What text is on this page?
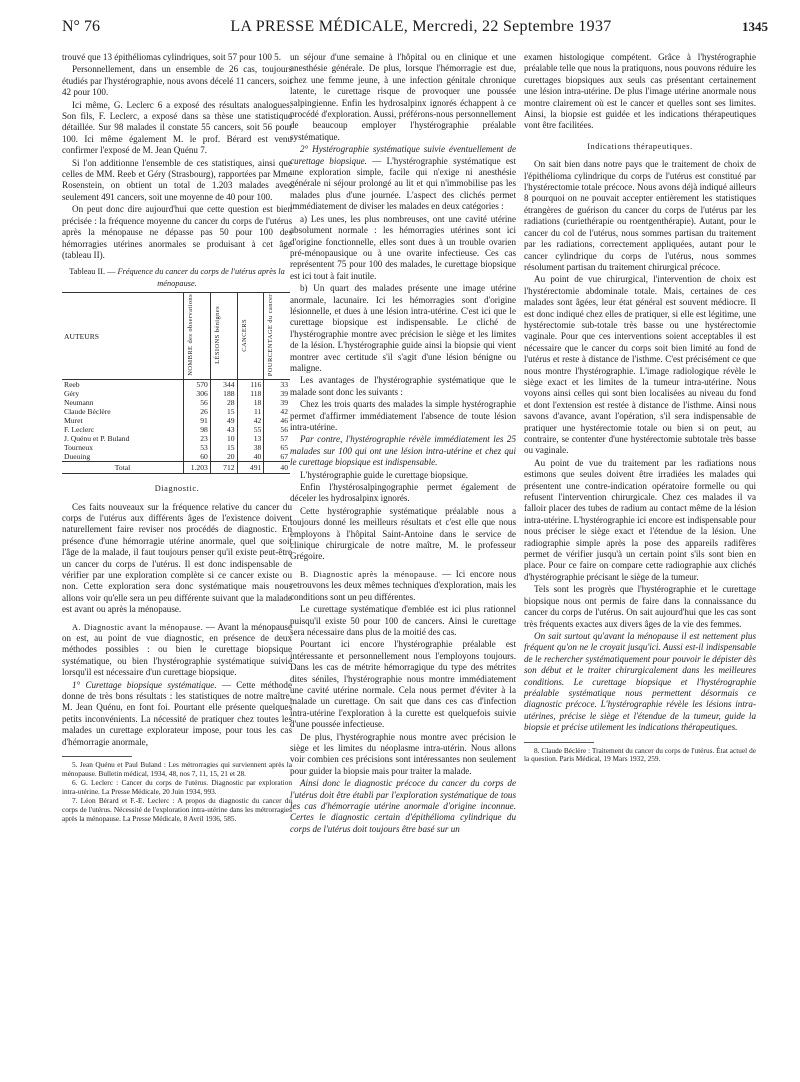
N° 76	LA PRESSE MÉDICALE, Mercredi, 22 Septembre 1937	1345

trouvé que 13 épithéliomas cylindriques, soit 57 pour 100 5.

Personnellement, dans un ensemble de 26 cas, toujours étudiés par l'hystérographie, nous avons décelé 11 cancers, soit 42 pour 100.

Ici même, G. Leclerc 6 a exposé des résultats analogues. Son fils, F. Leclerc, a exposé dans sa thèse une statistique détaillée. Sur 98 malades il constate 55 cancers, soit 56 pour 100. Ici même également M. le prof. Bérard est venu confirmer l'exposé de M. Jean Quénu 7.

Si l'on additionne l'ensemble de ces statistiques, ainsi que celles de MM. Reeb et Géry (Strasbourg), rapportées par Mme Rosenstein, on obtient un total de 1.203 malades avec seulement 491 cancers, soit une moyenne de 40 pour 100.

On peut donc dire aujourd'hui que cette question est bien précisée : la fréquence moyenne du cancer du corps de l'utérus après la ménopause ne dépasse pas 50 pour 100 des hémorragies utérines anormales se produisant à cet âge (tableau II).

Tableau II. — Fréquence du cancer du corps de l'utérus après la ménopause.
AUTEURS	NOMBRE des observations	LÉSIONS bénignes	CANCERS	POURCENTAGE du cancer
Reeb	570	344	116	33
Géry	306	188	118	39
Neumann	56	28	18	39
Claude Béclère	26	15	11	42
Muret	91	49	42	46
F. Leclerc	98	43	55	56
J. Quénu et P. Buland	23	10	13	57
Tourneux	53	15	38	65
Dueuing	60	20	40	67
Total	1.203	712	491	40
Diagnostic.

Ces faits nouveaux sur la fréquence relative du cancer du corps de l'utérus aux différents âges de l'existence doivent naturellement faire reviser nos procédés de diagnostic. En présence d'une hémorragie utérine anormale, quel que soit l'âge de la malade, il faut toujours penser qu'il existe peut-être un cancer du corps de l'utérus. Il est donc indispensable de vérifier par une exploration complète si ce cancer existe ou non. Cette exploration sera donc systématique mais nous allons voir qu'elle sera un peu différente suivant que la malade est avant ou après la ménopause.

A. Diagnostic avant la ménopause. — Avant la ménopause on est, au point de vue diagnostic, en présence de deux méthodes possibles : ou bien le curettage biopsique systématique, ou bien l'hystérographie systématique suivie lorsqu'il est nécessaire d'un curettage biopsique.

1° Curettage biopsique systématique. — Cette méthode donne de très bons résultats : les statistiques de notre maître, M. Jean Quénu, en font foi. Pourtant elle présente quelques petits inconvénients. La nécessité de pratiquer chez toutes les malades un curettage explorateur impose, pour tous les cas d'hémorragie anormale,

5. Jean Quénu et Paul Buland : Les métrorragies qui surviennent après la ménopause. Bulletin médical, 1934, 48, nos 7, 11, 15, 21 et 28.

6. G. Leclerc : Cancer du corps de l'utérus. Diagnostic par exploration intra-utérine. La Presse Médicale, 20 Juin 1934, 993.

7. Léon Bérard et F.-E. Leclerc : A propos du diagnostic du cancer du corps de l'utérus. Nécessité de l'exploration intra-utérine dans les métrorragies après la ménopause. La Presse Médicale, 8 Avril 1936, 585.

un séjour d'une semaine à l'hôpital ou en clinique et une anesthésie générale. De plus, lorsque l'hémorragie est due, chez une femme jeune, à une infection génitale chronique latente, le curettage risque de provoquer une poussée salpingienne. Enfin les hydrosalpinx ignorés échappent à ce procédé d'exploration. Aussi, préférons-nous personnellement de beaucoup employer l'hystérographie préalable systématique.

2° Hystérographie systématique suivie éventuellement de curettage biopsique. — L'hystérographie systématique est une exploration simple, facile qui n'exige ni anesthésie générale ni séjour prolongé au lit et qui n'immobilise pas les malades plus d'une journée. L'aspect des clichés permet immédiatement de diviser les malades en deux catégories :

a) Les unes, les plus nombreuses, ont une cavité utérine absolument normale : les hémorragies utérines sont ici d'origine fonctionnelle, elles sont dues à un trouble ovarien pré-ménopausique ou à une ovarite infectieuse. Ces cas représentent 75 pour 100 des malades, le curettage biopsique est ici tout à fait inutile.

b) Un quart des malades présente une image utérine anormale, lacunaire. Ici les hémorragies sont d'origine lésionnelle, et dues à une lésion intra-utérine. C'est ici que le curettage biopsique est indispensable. Le cliché de l'hystérographie montre avec précision le siège et les limites de la lésion. L'hystérographie guide ainsi la biopsie qui vient montrer avec certitude s'il s'agit d'une lésion bénigne ou maligne.

Les avantages de l'hystérographie systématique que le malade sont donc les suivants :

Chez les trois quarts des malades la simple hystérographie permet d'affirmer immédiatement l'absence de toute lésion intra-utérine.

Par contre, l'hystérographie révèle immédiatement les 25 malades sur 100 qui ont une lésion intra-utérine et chez qui le curettage biopsique est indispensable.

L'hystérographie guide le curettage biopsique.

Enfin l'hystérosalpingographie permet également de déceler les hydrosalpinx ignorés.

Cette hystérographie systématique préalable nous a toujours donné les meilleurs résultats et c'est elle que nous employons à l'hôpital Saint-Antoine dans le service de clinique chirurgicale de notre maître, M. le professeur Grégoire.

B. Diagnostic après la ménopause. — Ici encore nous retrouvons les deux mêmes techniques d'exploration, mais les conditions sont un peu différentes.

Le curettage systématique d'emblée est ici plus rationnel puisqu'il existe 50 pour 100 de cancers. Ainsi le curettage sera nécessaire dans plus de la moitié des cas.

Pourtant ici encore l'hystérographie préalable est intéressante et personnellement nous l'employons toujours. Dans les cas de métrite hémorragique du type des métrites dites séniles, l'hystérographie nous montre immédiatement une cavité utérine normale. Cela nous permet d'éviter à la malade un curettage. On sait que dans ces cas d'infection intra-utérine l'exploration à la curette est quelquefois suivie d'une poussée infectieuse.

De plus, l'hystérographie nous montre avec précision le siège et les limites du néoplasme intra-utérin. Nous allons voir combien ces précisions sont intéressantes non seulement pour guider la biopsie mais pour traiter la malade.

Ainsi donc le diagnostic précoce du cancer du corps de l'utérus doit être établi par l'exploration systématique de tous les cas d'hémorragie utérine anormale d'origine inconnue. Certes le diagnostic certain d'épithélioma cylindrique du corps de l'utérus doit toujours être basé sur un

examen histologique compétent. Grâce à l'hystérographie préalable telle que nous la pratiquons, nous pouvons réduire les curettages biopsiques aux seuls cas présentant certainement une lésion intra-utérine. De plus l'image utérine anormale nous montre clairement où est le cancer et quelles sont ses limites. Ainsi, la biopsie est guidée et les indications thérapeutiques vont être facilitées.

Indications thérapeutiques.

On sait bien dans notre pays que le traitement de choix de l'épithélioma cylindrique du corps de l'utérus est constitué par l'hystérectomie totale précoce. Nous avons déjà indiqué ailleurs 8 pourquoi on ne pouvait accepter entièrement les statistiques étrangères de guérison du cancer du corps de l'utérus par les radiations (curiethérapie ou roentgenthérapie). Autant, pour le cancer du col de l'utérus, nous sommes partisan du traitement par les radiations, correctement appliquées, autant pour le cancer cylindrique du corps de l'utérus, nous sommes résolument partisan du traitement chirurgical précoce.

Au point de vue chirurgical, l'intervention de choix est l'hystérectomie abdominale totale. Mais, certaines de ces malades sont âgées, leur état général est souvent médiocre. Il est donc indiqué chez elles de pratiquer, si elle est légitime, une hystérectomie sub-totale très basse ou une hystérectomie vaginale. Pour que ces interventions soient acceptables il est nécessaire que le cancer du corps soit bien limité au fond de l'utérus et reste à distance de l'isthme. C'est précisément ce que nous montre l'hystérographie. L'image radiologique révèle le siège exact et les limites de la tumeur intra-utérine. Nous voyons ainsi celles qui sont bien localisées au niveau du fond et dont l'extension est restée à distance de l'isthme. Ainsi nous savons d'avance, avant l'opération, s'il sera indispensable de pratiquer une hystérectomie totale ou bien si on peut, au contraire, se contenter d'une hystérectomie subtotale très basse ou vaginale.

Au point de vue du traitement par les radiations nous estimons que seules doivent être irradiées les malades qui présentent une contre-indication opératoire formelle ou qui refusent l'intervention chirurgicale. Chez ces malades il va falloir placer des tubes de radium au contact même de la lésion intra-utérine. L'hystérographie ici encore est indispensable pour nous préciser le siège exact et l'étendue de la lésion. Une radiographie simple après la pose des appareils radifères permet de vérifier jusqu'à un certain point s'ils sont bien en place. Pour ce faire on compare cette radiographie aux clichés d'hystérographie précisant le siège de la tumeur.

Tels sont les progrès que l'hystérographie et le curettage biopsique nous ont permis de faire dans la connaissance du cancer du corps de l'utérus. On sait aujourd'hui que les cas sont très fréquents exactes aux divers âges de la vie des femmes.

On sait surtout qu'avant la ménopause il est nettement plus fréquent qu'on ne le croyait jusqu'ici. Aussi est-il indispensable de le rechercher systématiquement pour pouvoir le dépister dès son début et le traiter chirurgicalement dans les meilleures conditions. Le curettage biopsique et l'hystérographie préalable systématique nous permettent désormais ce diagnostic précoce. L'hystérographie révèle les lésions intra-utérines, précise le siège et l'étendue de la tumeur, guide la biopsie et précise utilement les indications thérapeutiques.

8. Claude Béclère : Traitement du cancer du corps de l'utérus. État actuel de la question. Paris Médical, 19 Mars 1932, 259.
